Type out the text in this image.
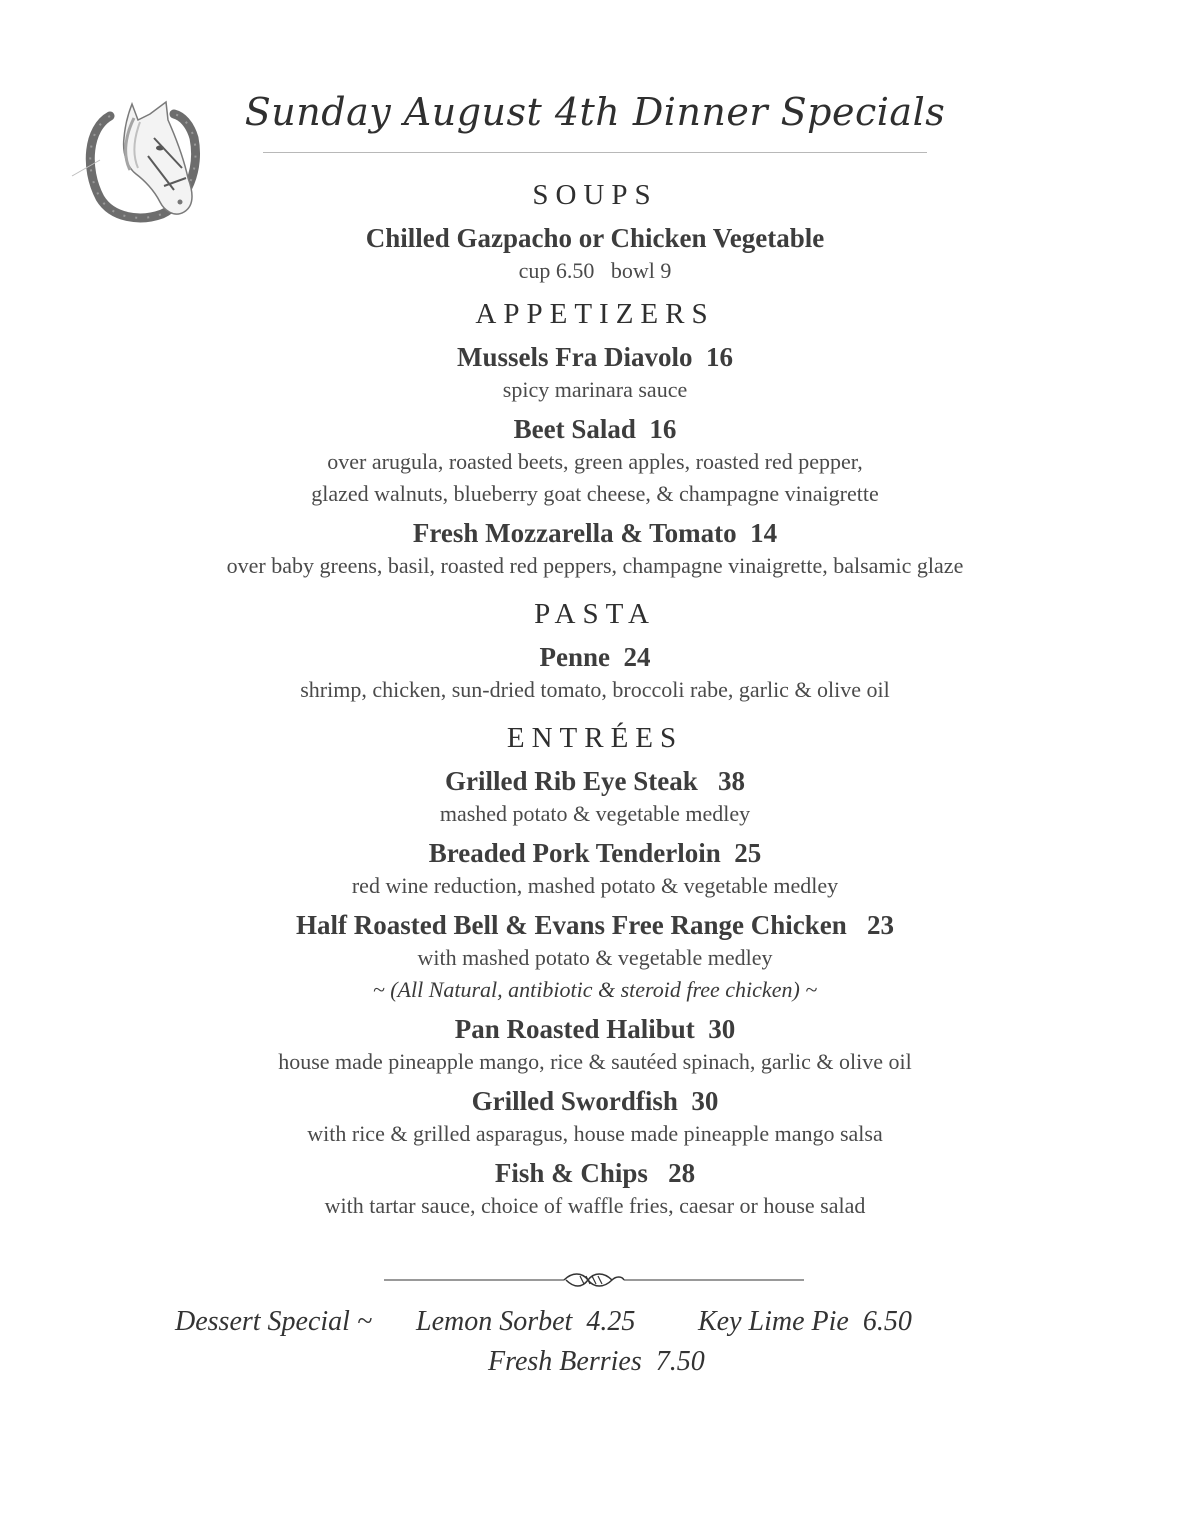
Sunday August 4th Dinner Specials
SOUPS
Chilled Gazpacho or Chicken Vegetable
cup 6.50   bowl 9
APPETIZERS
Mussels Fra Diavolo  16
spicy marinara sauce
Beet Salad  16
over arugula, roasted beets, green apples, roasted red pepper,
glazed walnuts, blueberry goat cheese, & champagne vinaigrette
Fresh Mozzarella & Tomato  14
over baby greens, basil, roasted red peppers, champagne vinaigrette, balsamic glaze
PASTA
Penne  24
shrimp, chicken, sun-dried tomato, broccoli rabe, garlic & olive oil
ENTRÉES
Grilled Rib Eye Steak   38
mashed potato & vegetable medley
Breaded Pork Tenderloin  25
red wine reduction, mashed potato & vegetable medley
Half Roasted Bell & Evans Free Range Chicken   23
with mashed potato & vegetable medley
~ (All Natural, antibiotic & steroid free chicken) ~
Pan Roasted Halibut  30
house made pineapple mango, rice & sautéed spinach, garlic & olive oil
Grilled Swordfish  30
with rice & grilled asparagus, house made pineapple mango salsa
Fish & Chips   28
with tartar sauce, choice of waffle fries, caesar or house salad
Dessert Special ~ Lemon Sorbet  4.25 Key Lime Pie  6.50
Fresh Berries  7.50
